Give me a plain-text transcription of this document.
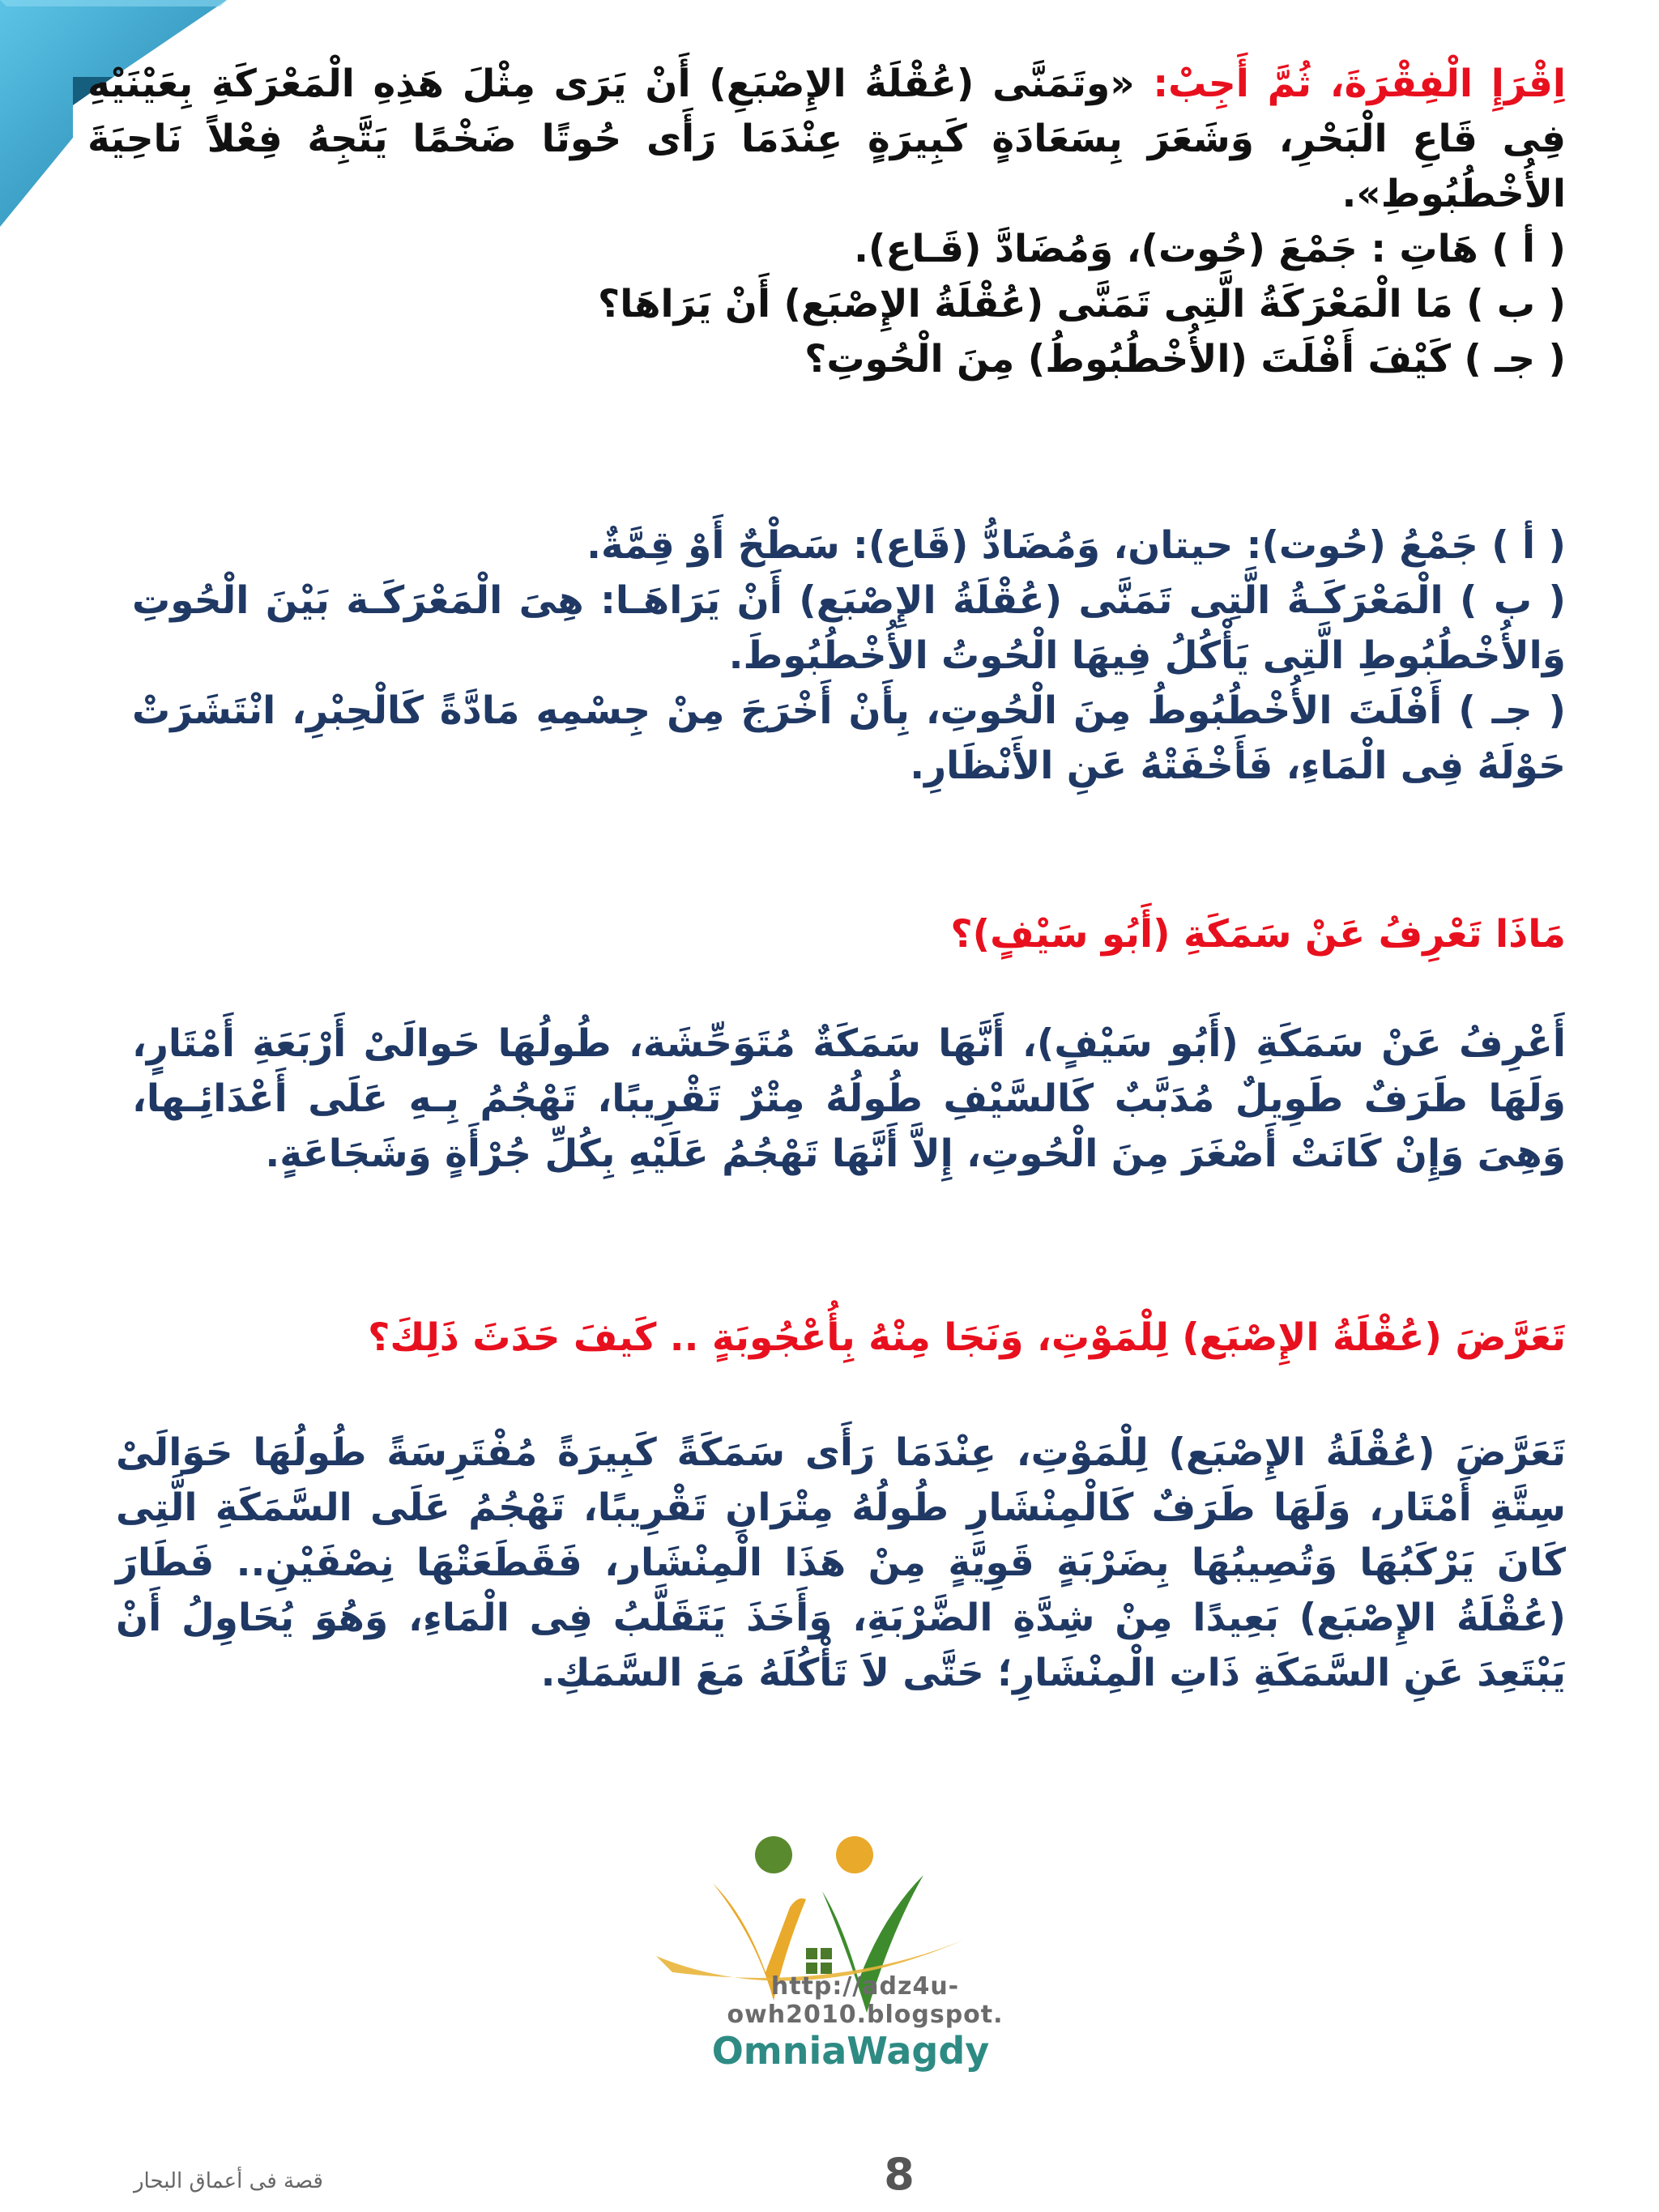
اِقْرَإِ الْفِقْرَةَ، ثُمَّ أَجِبْ: «وتَمَنَّى (عُقْلَةُ الإِصْبَعِ) أَنْ يَرَى مِثْلَ هَذِهِ الْمَعْرَكَةِ بِعَيْنَيْهِ فِى قَاعِ الْبَحْرِ، وَشَعَرَ بِسَعَادَةٍ كَبِيرَةٍ عِنْدَمَا رَأَى حُوتًا ضَخْمًا يَتَّجِهُ فِعْلاً نَاحِيَةَ الأُخْطُبُوطِ».

( أ ) هَاتِ : جَمْعَ (حُوت)، وَمُضَادَّ (قَـاع).

( ب ) مَا الْمَعْرَكَةُ الَّتِى تَمَنَّى (عُقْلَةُ الإِصْبَع) أَنْ يَرَاهَا؟

( جـ ) كَيْفَ أَفْلَتَ (الأُخْطُبُوطُ) مِنَ الْحُوتِ؟

( أ ) جَمْعُ (حُوت): حيتان، وَمُضَادُّ (قَاع): سَطْحٌ أَوْ قِمَّةٌ.

( ب ) الْمَعْرَكَـةُ الَّتِى تَمَنَّى (عُقْلَةُ الإِصْبَع) أَنْ يَرَاهَـا: هِىَ الْمَعْرَكَـة بَيْنَ الْحُوتِ وَالأُخْطُبُوطِ الَّتِى يَأْكُلُ فِيهَا الْحُوتُ الأُخْطُبُوطَ.

( جـ ) أَفْلَتَ الأُخْطُبُوطُ مِنَ الْحُوتِ، بِأَنْ أَخْرَجَ مِنْ جِسْمِهِ مَادَّةً كَالْحِبْرِ، انْتَشَرَتْ حَوْلَهُ فِى الْمَاءِ، فَأَخْفَتْهُ عَنِ الأَنْظَارِ.

مَاذَا تَعْرِفُ عَنْ سَمَكَةِ (أَبُو سَيْفٍ)؟

أَعْرِفُ عَنْ سَمَكَةِ (أَبُو سَيْفٍ)، أَنَّهَا سَمَكَةٌ مُتَوَحِّشَة، طُولُهَا حَوالَىْ أَرْبَعَةِ أَمْتَارٍ، وَلَهَا طَرَفٌ طَوِيلٌ مُدَبَّبٌ كَالسَّيْفِ طُولُهُ مِتْرٌ تَقْرِيبًا، تَهْجُمُ بِـهِ عَلَى أَعْدَائِـها، وَهِىَ وَإِنْ كَانَتْ أَصْغَرَ مِنَ الْحُوتِ، إِلاَّ أَنَّهَا تَهْجُمُ عَلَيْهِ بِكُلِّ جُرْأَةٍ وَشَجَاعَةٍ.

تَعَرَّضَ (عُقْلَةُ الإِصْبَع) لِلْمَوْتِ، وَنَجَا مِنْهُ بِأُعْجُوبَةٍ .. كَيفَ حَدَثَ ذَلِكَ؟

تَعَرَّضَ (عُقْلَةُ الإِصْبَع) لِلْمَوْتِ، عِنْدَمَا رَأَى سَمَكَةً كَبِيرَةً مُفْتَرِسَةً طُولُهَا حَوَالَىْ سِتَّةِ أَمْتَار، وَلَهَا طَرَفٌ كَالْمِنْشَارِ طُولُهُ مِتْرَانِ تَقْرِيبًا، تَهْجُمُ عَلَى السَّمَكَةِ الَّتِى كَانَ يَرْكَبُهَا وَتُصِيبُهَا بِضَرْبَةٍ قَوِيَّةٍ مِنْ هَذَا الْمِنْشَار، فَقَطَعَتْهَا نِصْفَيْنِ.. فَطَارَ (عُقْلَةُ الإِصْبَع) بَعِيدًا مِنْ شِدَّةِ الضَّرْبَةِ، وَأَخَذَ يَتَقَلَّبُ فِى الْمَاءِ، وَهُوَ يُحَاوِلُ أَنْ يَبْتَعِدَ عَنِ السَّمَكَةِ ذَاتِ الْمِنْشَارِ؛ حَتَّى لاَ تَأْكُلَهُ مَعَ السَّمَكِ.

http://adz4u-owh2010.blogspot.
OmniaWagdy
قصة فى أعماق البحار	8
